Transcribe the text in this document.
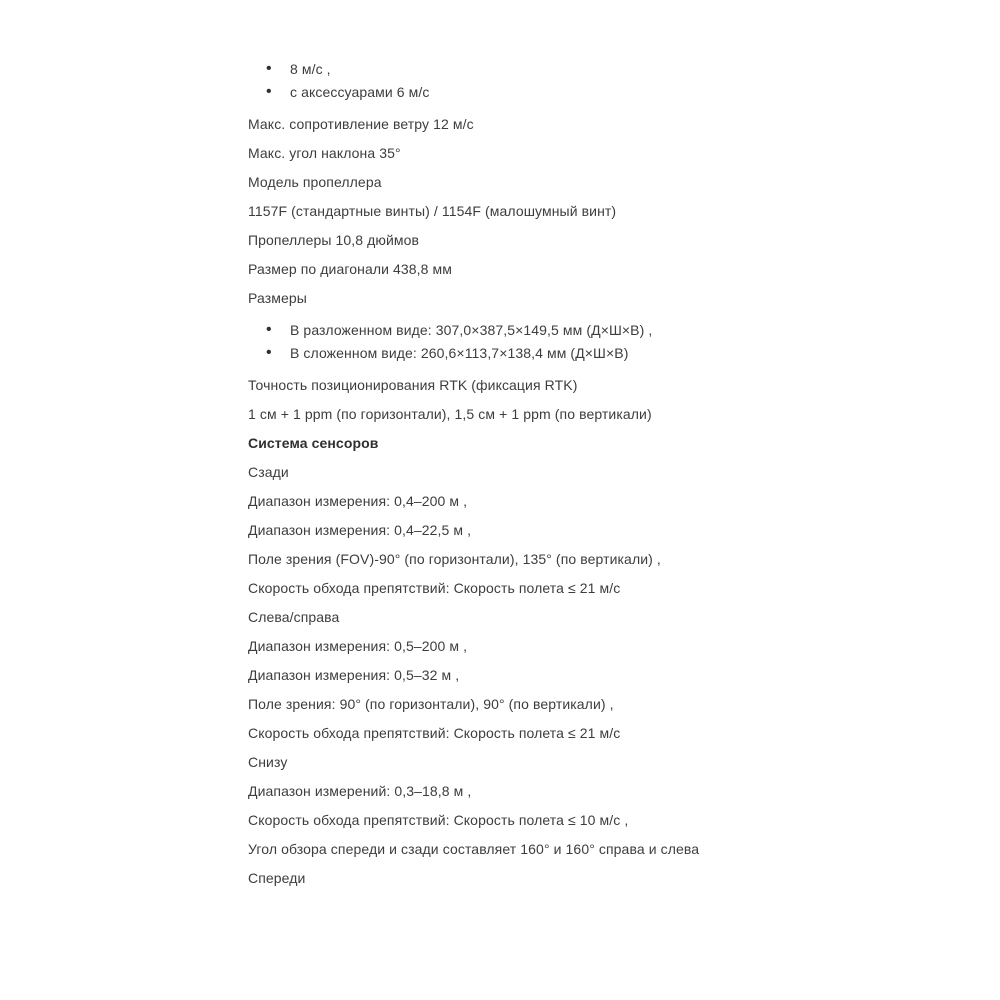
• 8 м/с ,
• с аксессуарами 6 м/с

Макс. сопротивление ветру 12 м/с

Макс. угол наклона 35°

Модель пропеллера

1157F (стандартные винты) / 1154F (малошумный винт)

Пропеллеры 10,8 дюймов

Размер по диагонали 438,8 мм

Размеры

• В разложенном виде: 307,0×387,5×149,5 мм (Д×Ш×В) ,
• В сложенном виде: 260,6×113,7×138,4 мм (Д×Ш×В)

Точность позиционирования RTK (фиксация RTK)

1 см + 1 ppm (по горизонтали), 1,5 см + 1 ppm (по вертикали)

Система сенсоров

Сзади

Диапазон измерения: 0,4–200 м ,

Диапазон измерения: 0,4–22,5 м ,

Поле зрения (FOV)-90° (по горизонтали), 135° (по вертикали) ,

Скорость обхода препятствий: Скорость полета ≤ 21 м/с

Слева/справа

Диапазон измерения: 0,5–200 м ,

Диапазон измерения: 0,5–32 м ,

Поле зрения: 90° (по горизонтали), 90° (по вертикали) ,

Скорость обхода препятствий: Скорость полета ≤ 21 м/с

Снизу

Диапазон измерений: 0,3–18,8 м ,

Скорость обхода препятствий: Скорость полета ≤ 10 м/с ,

Угол обзора спереди и сзади составляет 160° и 160° справа и слева

Спереди
